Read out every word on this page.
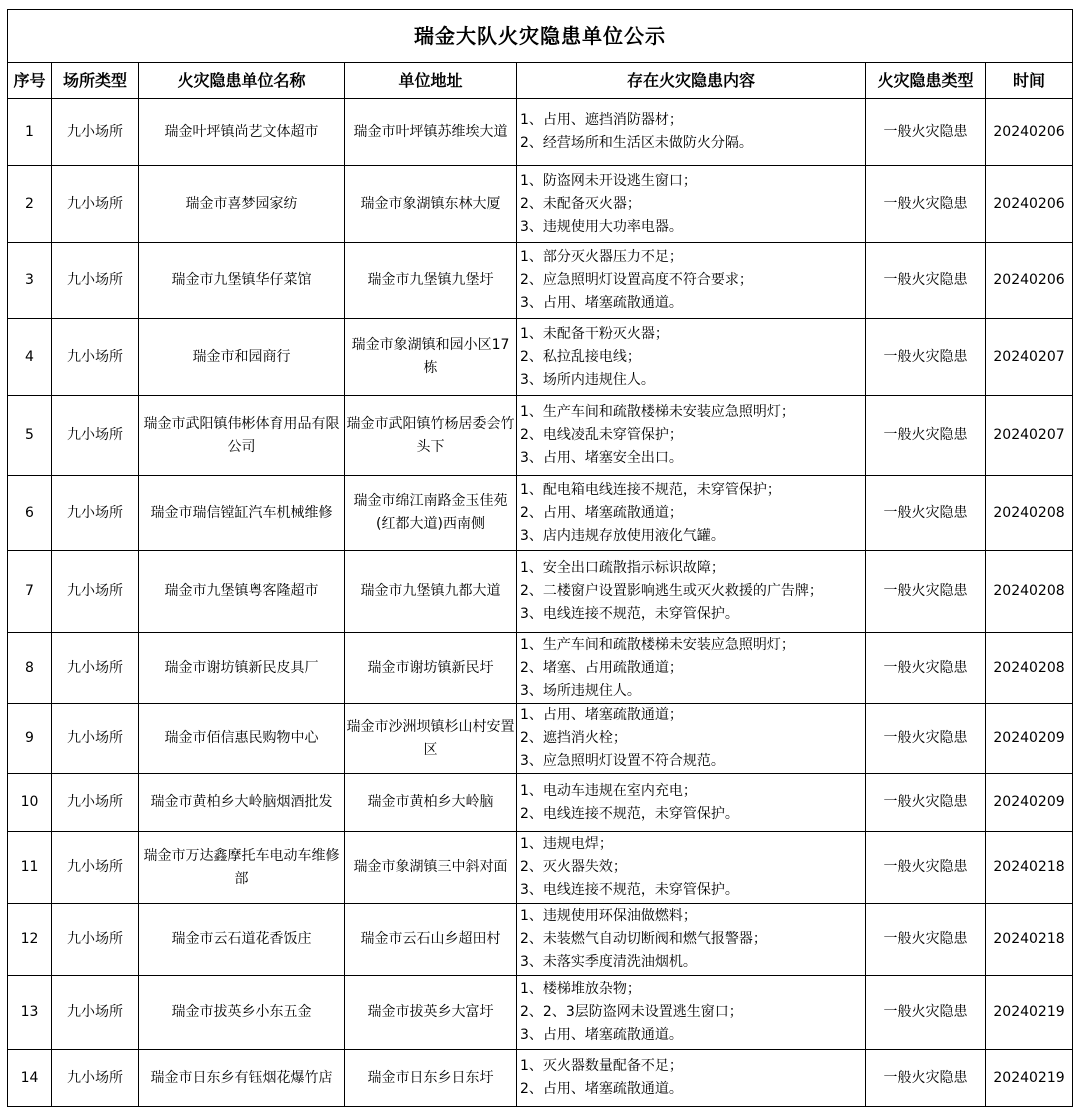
瑞金大队火灾隐患单位公示						
序号	场所类型	火灾隐患单位名称	单位地址	存在火灾隐患内容	火灾隐患类型	时间
1	九小场所	瑞金叶坪镇尚艺文体超市	瑞金市叶坪镇苏维埃大道	1、占用、遮挡消防器材；
2、经营场所和生活区未做防火分隔。	一般火灾隐患	20240206
2	九小场所	瑞金市喜梦园家纺	瑞金市象湖镇东林大厦	1、防盗网未开设逃生窗口；
2、未配备灭火器；
3、违规使用大功率电器。	一般火灾隐患	20240206
3	九小场所	瑞金市九堡镇华仔菜馆	瑞金市九堡镇九堡圩	1、部分灭火器压力不足；
2、应急照明灯设置高度不符合要求；
3、占用、堵塞疏散通道。	一般火灾隐患	20240206
4	九小场所	瑞金市和园商行	瑞金市象湖镇和园小区17栋	1、未配备干粉灭火器；
2、私拉乱接电线；
3、场所内违规住人。	一般火灾隐患	20240207
5	九小场所	瑞金市武阳镇伟彬体育用品有限公司	瑞金市武阳镇竹杨居委会竹头下	1、生产车间和疏散楼梯未安装应急照明灯；
2、电线凌乱未穿管保护；
3、占用、堵塞安全出口。	一般火灾隐患	20240207
6	九小场所	瑞金市瑞信镗缸汽车机械维修	瑞金市绵江南路金玉佳苑(红都大道)西南侧	1、配电箱电线连接不规范，未穿管保护；
2、占用、堵塞疏散通道；
3、店内违规存放使用液化气罐。	一般火灾隐患	20240208
7	九小场所	瑞金市九堡镇粤客隆超市	瑞金市九堡镇九都大道	1、安全出口疏散指示标识故障；
2、二楼窗户设置影响逃生或灭火救援的广告牌；
3、电线连接不规范，未穿管保护。	一般火灾隐患	20240208
8	九小场所	瑞金市谢坊镇新民皮具厂	瑞金市谢坊镇新民圩	1、生产车间和疏散楼梯未安装应急照明灯；
2、堵塞、占用疏散通道；
3、场所违规住人。	一般火灾隐患	20240208
9	九小场所	瑞金市佰信惠民购物中心	瑞金市沙洲坝镇杉山村安置区	1、占用、堵塞疏散通道；
2、遮挡消火栓；
3、应急照明灯设置不符合规范。	一般火灾隐患	20240209
10	九小场所	瑞金市黄柏乡大岭脑烟酒批发	瑞金市黄柏乡大岭脑	1、电动车违规在室内充电；
2、电线连接不规范，未穿管保护。	一般火灾隐患	20240209
11	九小场所	瑞金市万达鑫摩托车电动车维修部	瑞金市象湖镇三中斜对面	1、违规电焊；
2、灭火器失效；
3、电线连接不规范，未穿管保护。	一般火灾隐患	20240218
12	九小场所	瑞金市云石道花香饭庄	瑞金市云石山乡超田村	1、违规使用环保油做燃料；
2、未装燃气自动切断阀和燃气报警器；
3、未落实季度清洗油烟机。	一般火灾隐患	20240218
13	九小场所	瑞金市拔英乡小东五金	瑞金市拔英乡大富圩	1、楼梯堆放杂物；
2、2、3层防盗网未设置逃生窗口；
3、占用、堵塞疏散通道。	一般火灾隐患	20240219
14	九小场所	瑞金市日东乡有钰烟花爆竹店	瑞金市日东乡日东圩	1、灭火器数量配备不足；
2、占用、堵塞疏散通道。	一般火灾隐患	20240219
